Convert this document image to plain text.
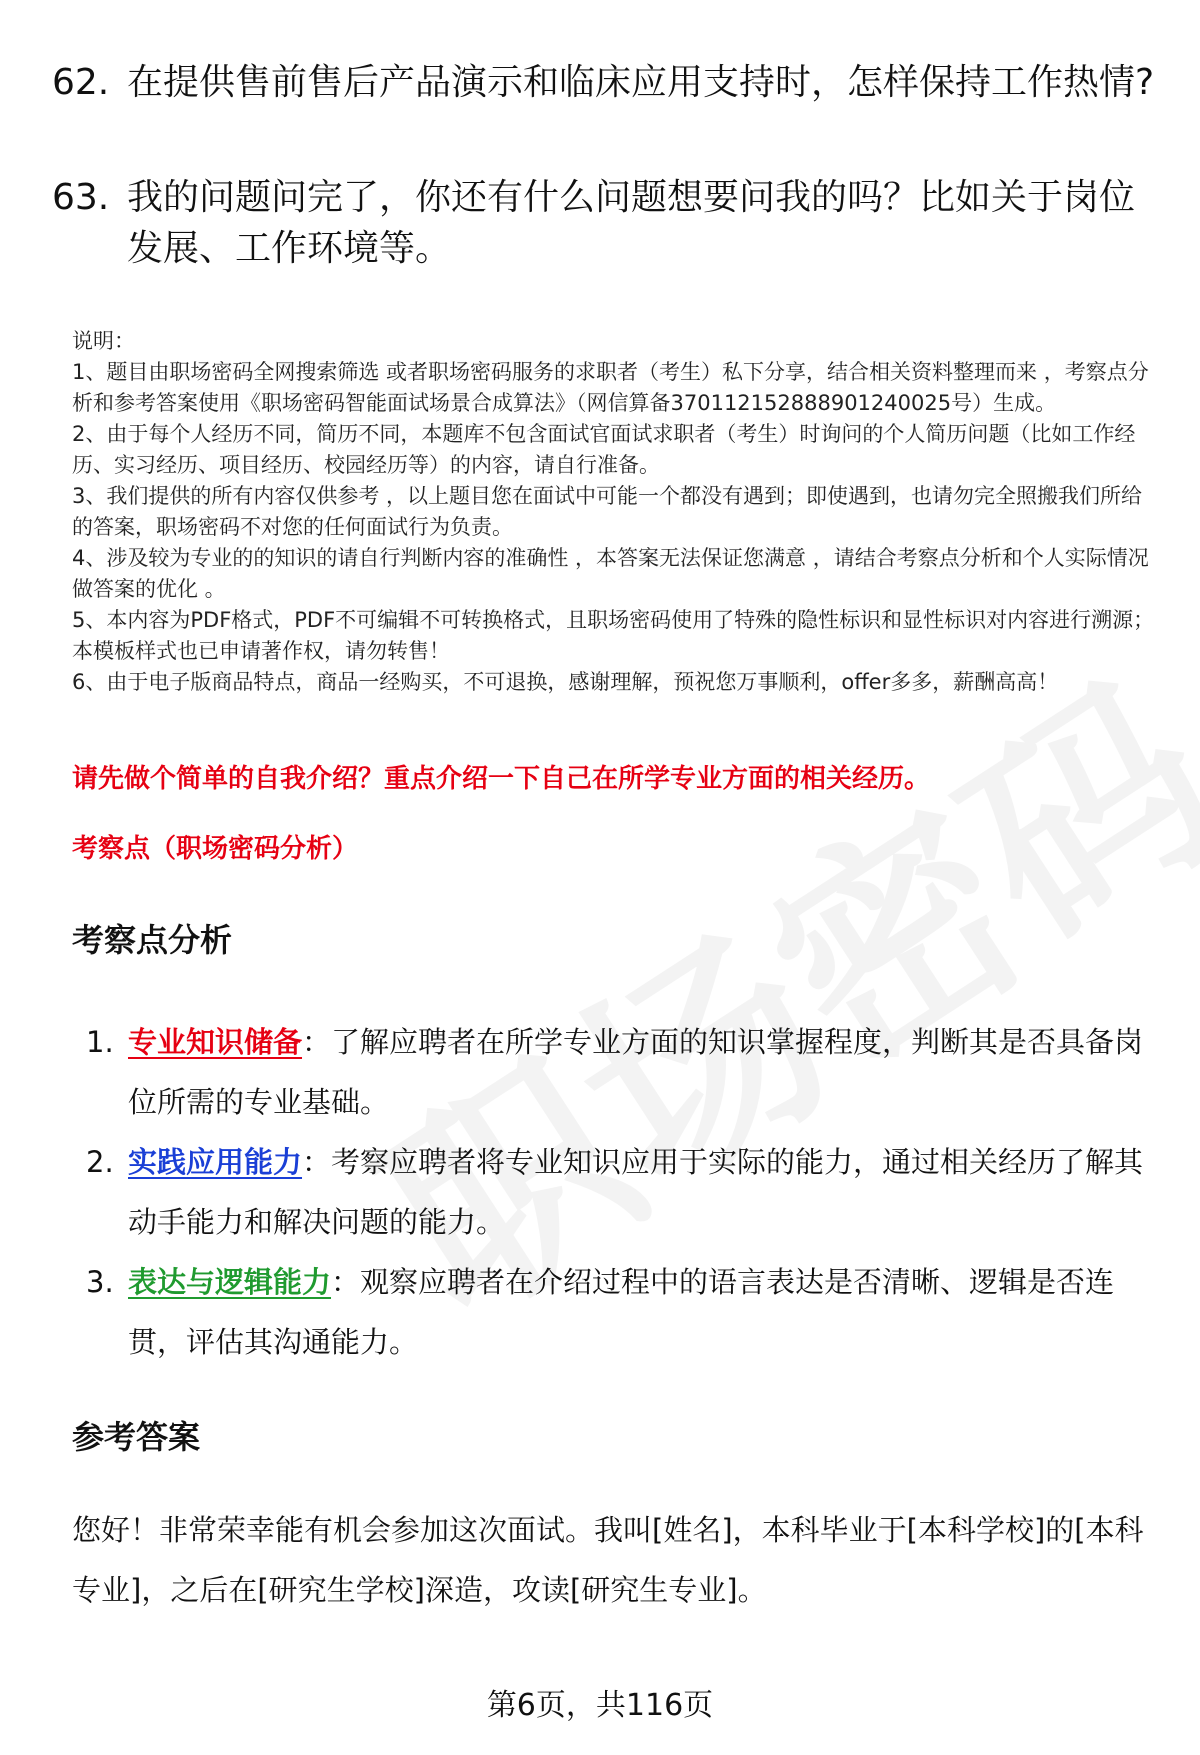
62. 在提供售前售后产品演示和临床应用支持时，怎样保持工作热情?
63. 我的问题问完了，你还有什么问题想要问我的吗？比如关于岗位发展、工作环境等。

说明：

1、题目由职场密码全网搜索筛选 或者职场密码服务的求职者（考生）私下分享，结合相关资料整理而来 ，考察点分析和参考答案使用《职场密码智能面试场景合成算法》（网信算备370112152888901240025号）生成。

2、由于每个人经历不同，简历不同，本题库不包含面试官面试求职者（考生）时询问的个人简历问题（比如工作经历、实习经历、项目经历、校园经历等）的内容，请自行准备。

3、我们提供的所有内容仅供参考 ，以上题目您在面试中可能一个都没有遇到；即使遇到，也请勿完全照搬我们所给的答案，职场密码不对您的任何面试行为负责。

4、涉及较为专业的的知识的请自行判断内容的准确性 ，本答案无法保证您满意 ，请结合考察点分析和个人实际情况做答案的优化 。

5、本内容为PDF格式，PDF不可编辑不可转换格式，且职场密码使用了特殊的隐性标识和显性标识对内容进行溯源；本模板样式也已申请著作权，请勿转售！

6、由于电子版商品特点，商品一经购买，不可退换，感谢理解，预祝您万事顺利，offer多多，薪酬高高！

请先做个简单的自我介绍？重点介绍一下自己在所学专业方面的相关经历。
考察点（职场密码分析）
考察点分析
1. 专业知识储备：了解应聘者在所学专业方面的知识掌握程度，判断其是否具备岗位所需的专业基础。
2. 实践应用能力：考察应聘者将专业知识应用于实际的能力，通过相关经历了解其动手能力和解决问题的能力。
3. 表达与逻辑能力：观察应聘者在介绍过程中的语言表达是否清晰、逻辑是否连贯，评估其沟通能力。
参考答案

您好！非常荣幸能有机会参加这次面试。我叫[姓名]，本科毕业于[本科学校]的[本科专业]，之后在[研究生学校]深造，攻读[研究生专业]。

第6页，共116页
